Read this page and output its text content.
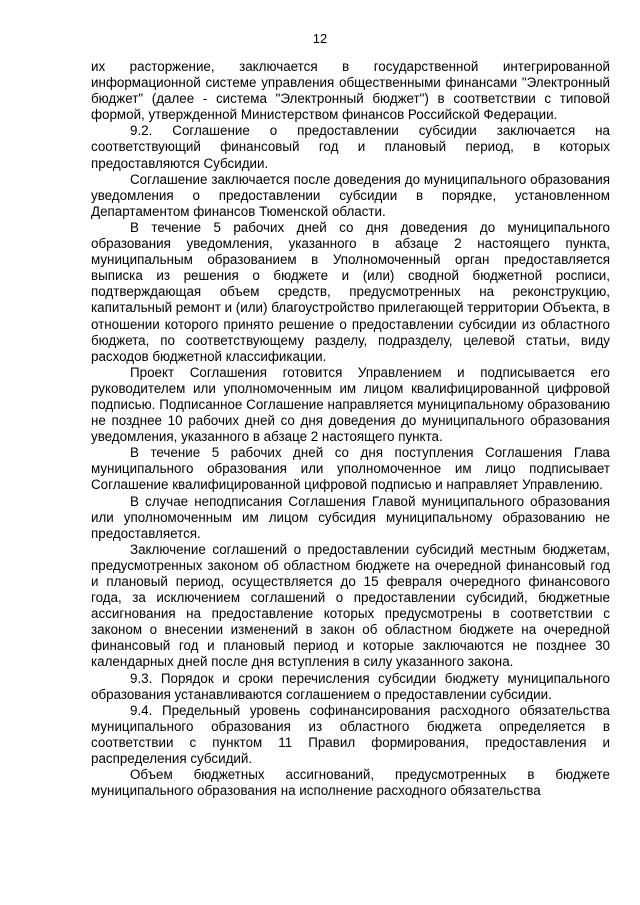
12

их расторжение, заключается в государственной интегрированной информационной системе управления общественными финансами "Электронный бюджет" (далее - система "Электронный бюджет") в соответствии с типовой формой, утвержденной Министерством финансов Российской Федерации.

9.2. Соглашение о предоставлении субсидии заключается на соответствующий финансовый год и плановый период, в которых предоставляются Субсидии.

Соглашение заключается после доведения до муниципального образования уведомления о предоставлении субсидии в порядке, установленном Департаментом финансов Тюменской области.

В течение 5 рабочих дней со дня доведения до муниципального образования уведомления, указанного в абзаце 2 настоящего пункта, муниципальным образованием в Уполномоченный орган предоставляется выписка из решения о бюджете и (или) сводной бюджетной росписи, подтверждающая объем средств, предусмотренных на реконструкцию, капитальный ремонт и (или) благоустройство прилегающей территории Объекта, в отношении которого принято решение о предоставлении субсидии из областного бюджета, по соответствующему разделу, подразделу, целевой статьи, виду расходов бюджетной классификации.

Проект Соглашения готовится Управлением и подписывается его руководителем или уполномоченным им лицом квалифицированной цифровой подписью. Подписанное Соглашение направляется муниципальному образованию не позднее 10 рабочих дней со дня доведения до муниципального образования уведомления, указанного в абзаце 2 настоящего пункта.

В течение 5 рабочих дней со дня поступления Соглашения Глава муниципального образования или уполномоченное им лицо подписывает Соглашение квалифицированной цифровой подписью и направляет Управлению.

В случае неподписания Соглашения Главой муниципального образования или уполномоченным им лицом субсидия муниципальному образованию не предоставляется.

Заключение соглашений о предоставлении субсидий местным бюджетам, предусмотренных законом об областном бюджете на очередной финансовый год и плановый период, осуществляется до 15 февраля очередного финансового года, за исключением соглашений о предоставлении субсидий, бюджетные ассигнования на предоставление которых предусмотрены в соответствии с законом о внесении изменений в закон об областном бюджете на очередной финансовый год и плановый период и которые заключаются не позднее 30 календарных дней после дня вступления в силу указанного закона.

9.3. Порядок и сроки перечисления субсидии бюджету муниципального образования устанавливаются соглашением о предоставлении субсидии.

9.4. Предельный уровень софинансирования расходного обязательства муниципального образования из областного бюджета определяется в соответствии с пунктом 11 Правил формирования, предоставления и распределения субсидий.

Объем бюджетных ассигнований, предусмотренных в бюджете муниципального образования на исполнение расходного обязательства
